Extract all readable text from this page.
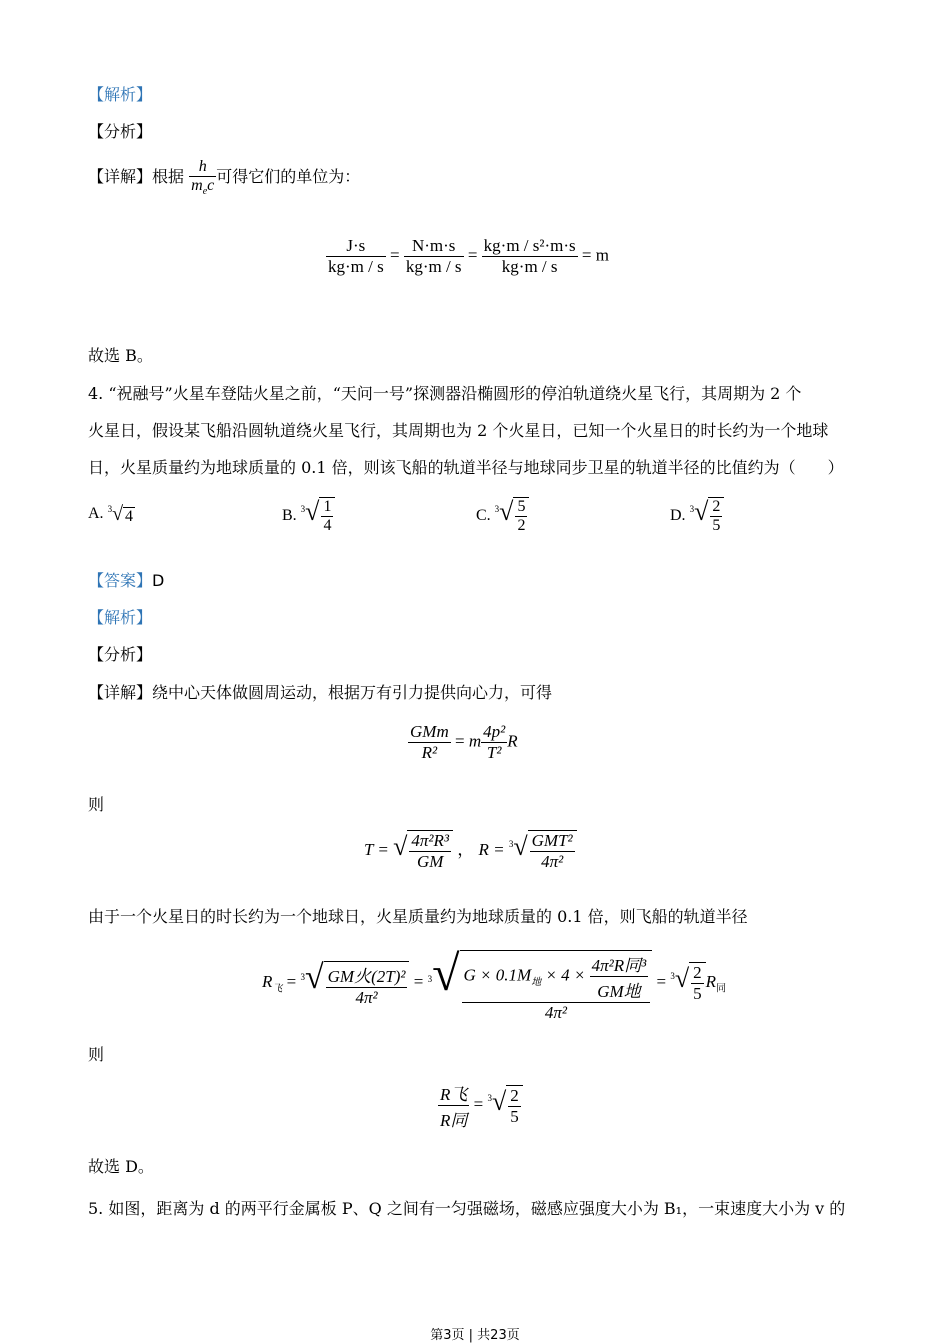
【解析】
【分析】
【详解】根据 $\frac{h}{m_ec}$ 可得它们的单位为：
$\frac{J\cdot s}{kg\cdot m / s} = \frac{N\cdot m\cdot s}{kg\cdot m / s} = \frac{\text{kg·m / s²·m·s}}{kg\cdot m / s} = m$
故选 B。
4. “祝融号”火星车登陆火星之前，“天问一号”探测器沿椭圆形的停泊轨道绕火星飞行，其周期为 2 个
火星日，假设某飞船沿圆轨道绕火星飞行，其周期也为 2 个火星日，已知一个火星日的时长约为一个地球
日，火星质量约为地球质量的 0.1 倍，则该飞船的轨道半径与地球同步卫星的轨道半径的比值约为（　　）
A. $^3$√ 4	B. $^3√ \frac{1}{4}$	C. $^3√ \frac{5}{2}$	D. $^3√ \frac{2}{5}$
【答案】D
【解析】
【分析】
【详解】绕中心天体做圆周运动，根据万有引力提供向心力，可得
$\frac{\text{GMm}}{\text{R²}} = m \frac{\text{4p²}}{\text{T²}}$ R
则
T = √ $\frac{\text{4π²R³}}{GM}$ ， $R = ^3√ \frac{\text{GMT²}}{\text{4π²}}$
由于一个火星日的时长约为一个地球日，火星质量约为地球质量的 0.1 倍，则飞船的轨道半径
$R_飞 = ^3√ \frac{\text{GM火(2T)²}}{\text{4π²}} = ^3√ \frac{G \times 0.1M_地 \times 4 \times \frac{\text{4π²R同³}}{\text{GM地}}}{\text{4π²}} = ^3√ \frac{2}{5} R_同$
则
$\frac{\text{R飞}}{\text{R同}} = ^3√ \frac{2}{5}$
故选 D。
5. 如图，距离为 d 的两平行金属板 P、Q 之间有一匀强磁场，磁感应强度大小为 B₁，一束速度大小为 v 的
第3页 | 共23页
